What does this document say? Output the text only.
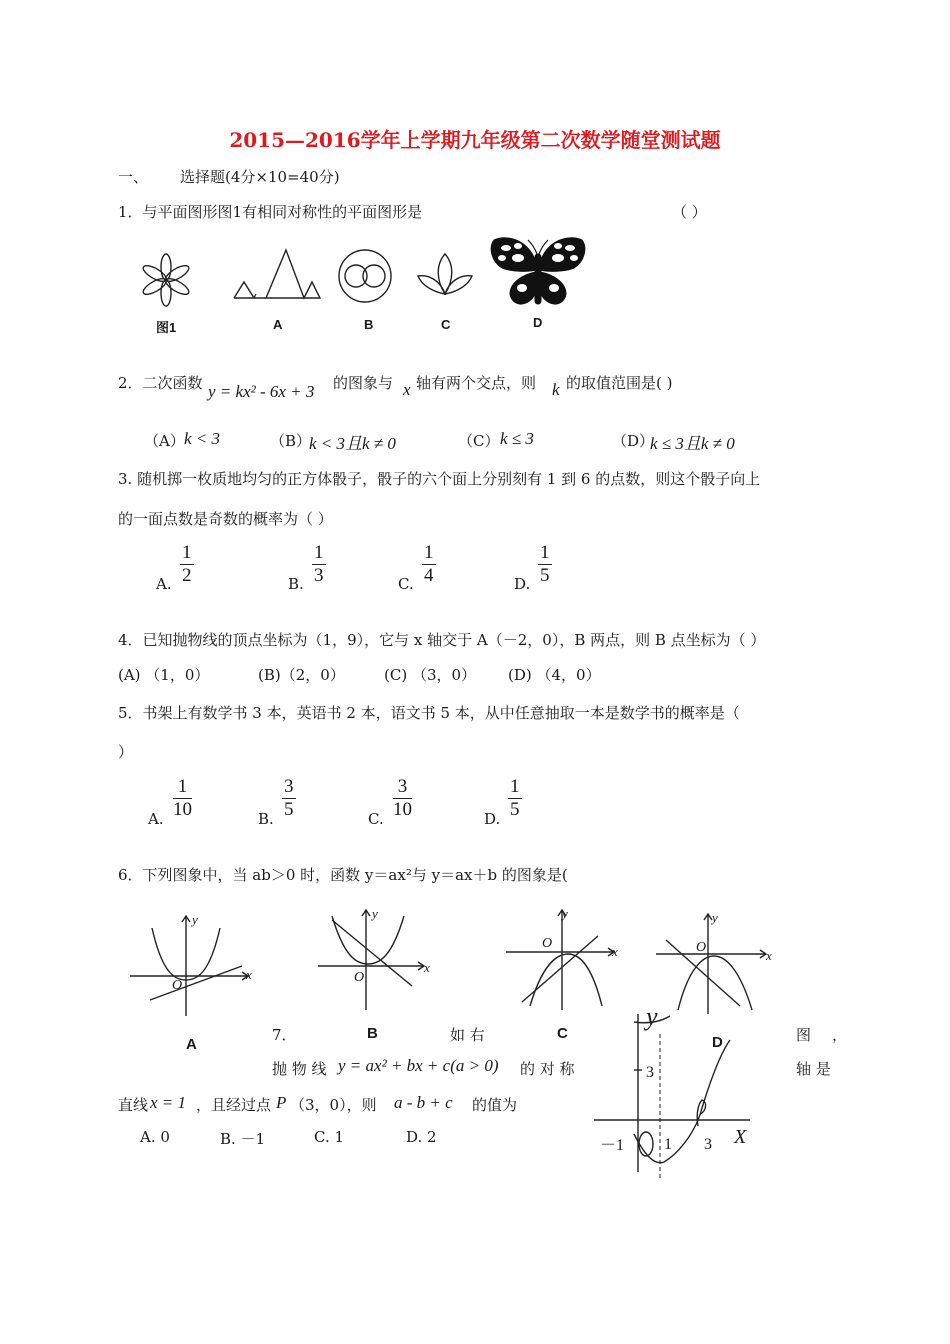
2015—2016学年上学期九年级第二次数学随堂测试题
一、 选择题(4分×10=40分)
1．与平面图形图1有相同对称性的平面图形是	（ ）
图1	A	B	C	D
2．二次函数 y = kx² - 6x + 3 的图象与 x 轴有两个交点，则 k 的取值范围是( )
（A） k < 3	（B）
k < 3且k ≠ 0	（C） k ≤ 3	（D）
k ≤ 3且k ≠ 0
3. 随机掷一枚质地均匀的正方体骰子，骰子的六个面上分别刻有 1 到 6 的点数，则这个骰子向上
的一面点数是奇数的概率为（ ）
A. $\frac{1}{2}$	B. $\frac{1}{3}$	C. $\frac{1}{4}$	D. $\frac{1}{5}$
4．已知抛物线的顶点坐标为（1，9），它与 x 轴交于 A（－2，0），B 两点，则 B 点坐标为（ ）
(A) （1，0）	(B)（2，0）	(C) （3，0） (D) （4，0）
5．书架上有数学书 3 本，英语书 2 本，语文书 5 本，从中任意抽取一本是数学书的概率是（
）
A. $\frac{1}{10}$	B. $\frac{3}{5}$	C. $\frac{3}{10}$	D. $\frac{1}{5}$
6．下列图象中，当 ab＞0 时，函数 y＝ax²与 y＝ax＋b 的图象是(
x
y
O
A
x
y
O
B
x
y
O
C
x
y
O
D
7．	如 右	图 ，
抛 物 线 y = ax² + bx + c(a > 0) 的 对 称	轴 是
直线 x = 1 ，且经过点 P （3，0），则 a - b + c 的值为
A. 0	B. －1	C. 1	D. 2
y
3
－1 1 3 X
